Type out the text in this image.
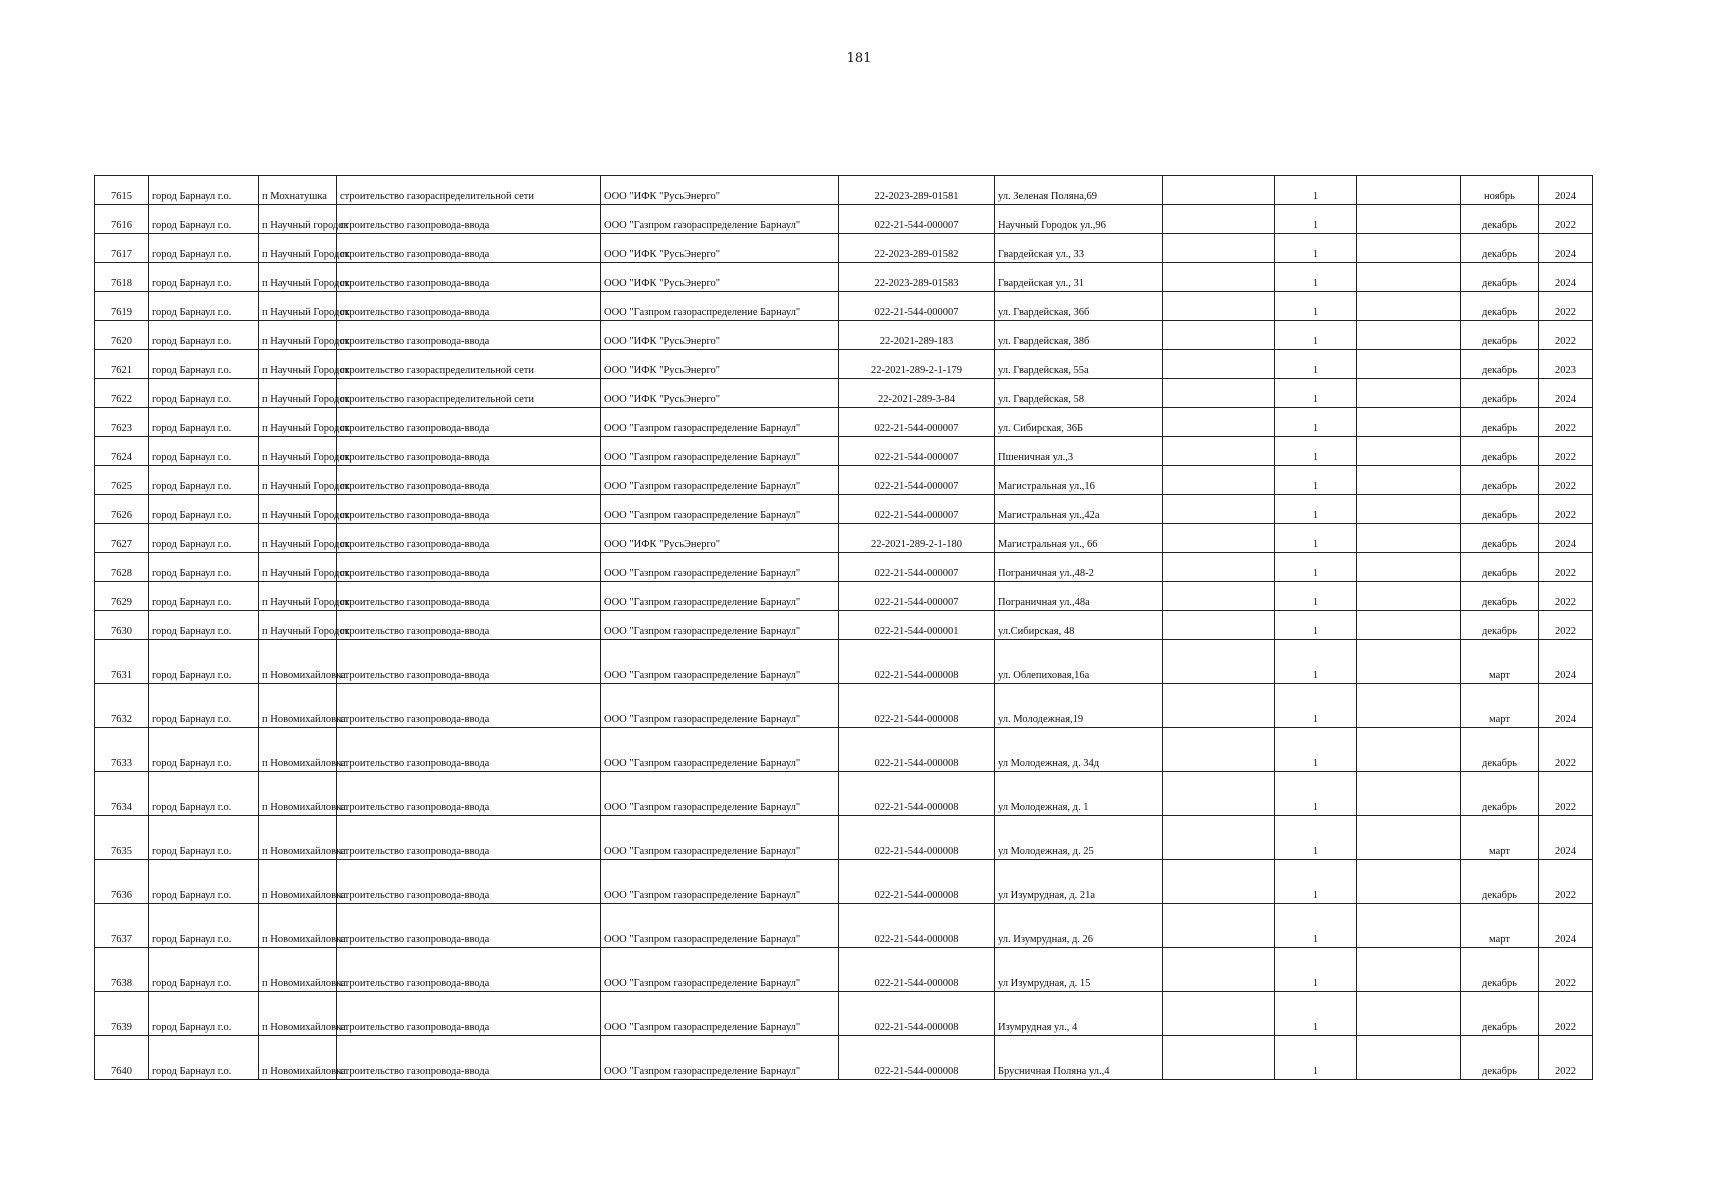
181
7615	город Барнаул г.о.	п Мохнатушка	строительство газораспределительной сети	ООО "ИФК "РусьЭнерго"	22-2023-289-01581	ул. Зеленая Поляна,69		1		ноябрь	2024
7616	город Барнаул г.о.	п Научный городок	строительство газопровода-ввода	ООО "Газпром газораспределение Барнаул"	022-21-544-000007	Научный Городок ул.,96		1		декабрь	2022
7617	город Барнаул г.о.	п Научный Городок	строительство газопровода-ввода	ООО "ИФК "РусьЭнерго"	22-2023-289-01582	Гвардейская ул., 33		1		декабрь	2024
7618	город Барнаул г.о.	п Научный Городок	строительство газопровода-ввода	ООО "ИФК "РусьЭнерго"	22-2023-289-01583	Гвардейская ул., 31		1		декабрь	2024
7619	город Барнаул г.о.	п Научный Городок	строительство газопровода-ввода	ООО "Газпром газораспределение Барнаул"	022-21-544-000007	ул. Гвардейская, 36б		1		декабрь	2022
7620	город Барнаул г.о.	п Научный Городок	строительство газопровода-ввода	ООО "ИФК "РусьЭнерго"	22-2021-289-183	ул. Гвардейская, 38б		1		декабрь	2022
7621	город Барнаул г.о.	п Научный Городок	строительство газораспределительной сети	ООО "ИФК "РусьЭнерго"	22-2021-289-2-1-179	ул. Гвардейская, 55а		1		декабрь	2023
7622	город Барнаул г.о.	п Научный Городок	строительство газораспределительной сети	ООО "ИФК "РусьЭнерго"	22-2021-289-3-84	ул. Гвардейская, 58		1		декабрь	2024
7623	город Барнаул г.о.	п Научный Городок	строительство газопровода-ввода	ООО "Газпром газораспределение Барнаул"	022-21-544-000007	ул. Сибирская, 36Б		1		декабрь	2022
7624	город Барнаул г.о.	п Научный Городок	строительство газопровода-ввода	ООО "Газпром газораспределение Барнаул"	022-21-544-000007	Пшеничная ул.,3		1		декабрь	2022
7625	город Барнаул г.о.	п Научный Городок	строительство газопровода-ввода	ООО "Газпром газораспределение Барнаул"	022-21-544-000007	Магистральная ул.,16		1		декабрь	2022
7626	город Барнаул г.о.	п Научный Городок	строительство газопровода-ввода	ООО "Газпром газораспределение Барнаул"	022-21-544-000007	Магистральная ул.,42а		1		декабрь	2022
7627	город Барнаул г.о.	п Научный Городок	строительство газопровода-ввода	ООО "ИФК "РусьЭнерго"	22-2021-289-2-1-180	Магистральная ул., 66		1		декабрь	2024
7628	город Барнаул г.о.	п Научный Городок	строительство газопровода-ввода	ООО "Газпром газораспределение Барнаул"	022-21-544-000007	Пограничная ул.,48-2		1		декабрь	2022
7629	город Барнаул г.о.	п Научный Городок	строительство газопровода-ввода	ООО "Газпром газораспределение Барнаул"	022-21-544-000007	Пограничная ул.,48а		1		декабрь	2022
7630	город Барнаул г.о.	п Научный Городок	строительство газопровода-ввода	ООО "Газпром газораспределение Барнаул"	022-21-544-000001	ул.Сибирская, 48		1		декабрь	2022
7631	город Барнаул г.о.	п Новомихайловка	строительство газопровода-ввода	ООО "Газпром газораспределение Барнаул"	022-21-544-000008	ул. Облепиховая,16а		1		март	2024
7632	город Барнаул г.о.	п Новомихайловка	строительство газопровода-ввода	ООО "Газпром газораспределение Барнаул"	022-21-544-000008	ул. Молодежная,19		1		март	2024
7633	город Барнаул г.о.	п Новомихайловка	строительство газопровода-ввода	ООО "Газпром газораспределение Барнаул"	022-21-544-000008	ул Молодежная, д. 34д		1		декабрь	2022
7634	город Барнаул г.о.	п Новомихайловка	строительство газопровода-ввода	ООО "Газпром газораспределение Барнаул"	022-21-544-000008	ул Молодежная, д. 1		1		декабрь	2022
7635	город Барнаул г.о.	п Новомихайловка	строительство газопровода-ввода	ООО "Газпром газораспределение Барнаул"	022-21-544-000008	ул Молодежная, д. 25		1		март	2024
7636	город Барнаул г.о.	п Новомихайловка	строительство газопровода-ввода	ООО "Газпром газораспределение Барнаул"	022-21-544-000008	ул Изумрудная, д. 21а		1		декабрь	2022
7637	город Барнаул г.о.	п Новомихайловка	строительство газопровода-ввода	ООО "Газпром газораспределение Барнаул"	022-21-544-000008	ул. Изумрудная, д. 26		1		март	2024
7638	город Барнаул г.о.	п Новомихайловка	строительство газопровода-ввода	ООО "Газпром газораспределение Барнаул"	022-21-544-000008	ул Изумрудная, д. 15		1		декабрь	2022
7639	город Барнаул г.о.	п Новомихайловка	строительство газопровода-ввода	ООО "Газпром газораспределение Барнаул"	022-21-544-000008	Изумрудная ул., 4		1		декабрь	2022
7640	город Барнаул г.о.	п Новомихайловка	строительство газопровода-ввода	ООО "Газпром газораспределение Барнаул"	022-21-544-000008	Брусничная Поляна ул.,4		1		декабрь	2022
